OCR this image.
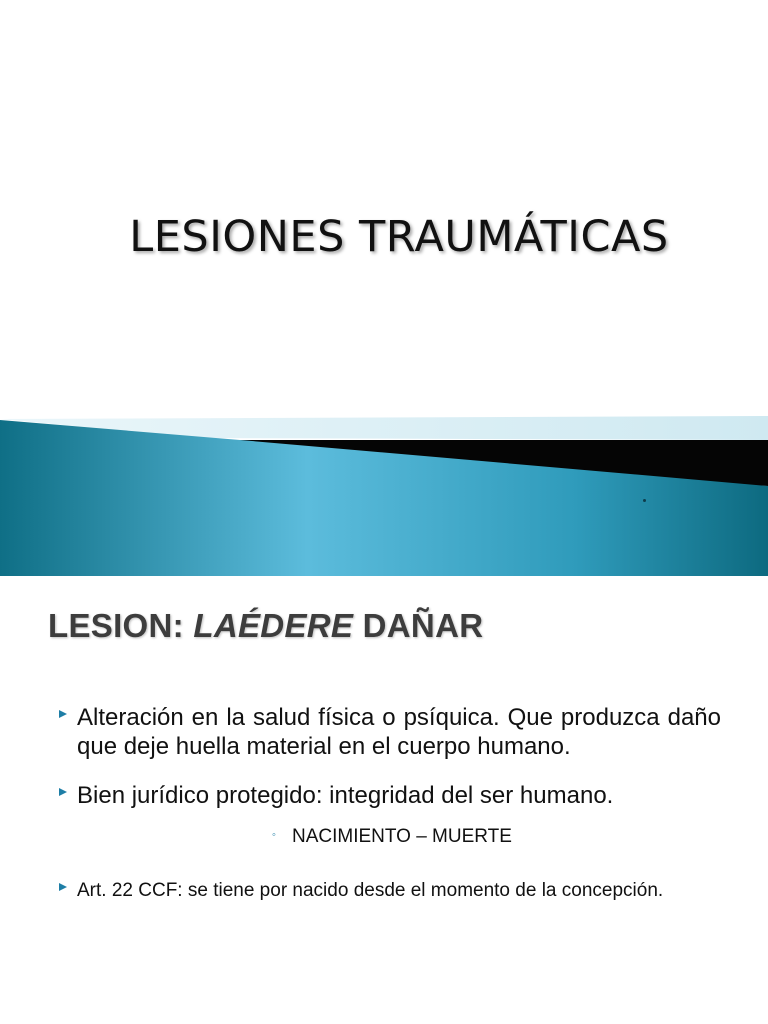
LESIONES TRAUMÁTICAS
LESION: LAÉDERE DAÑAR
Alteración en la salud física o psíquica. Que produzca daño que deje huella material en el cuerpo humano.
Bien jurídico protegido: integridad del ser humano.
◦ NACIMIENTO – MUERTE
Art. 22 CCF: se tiene por nacido desde el momento de la concepción.
